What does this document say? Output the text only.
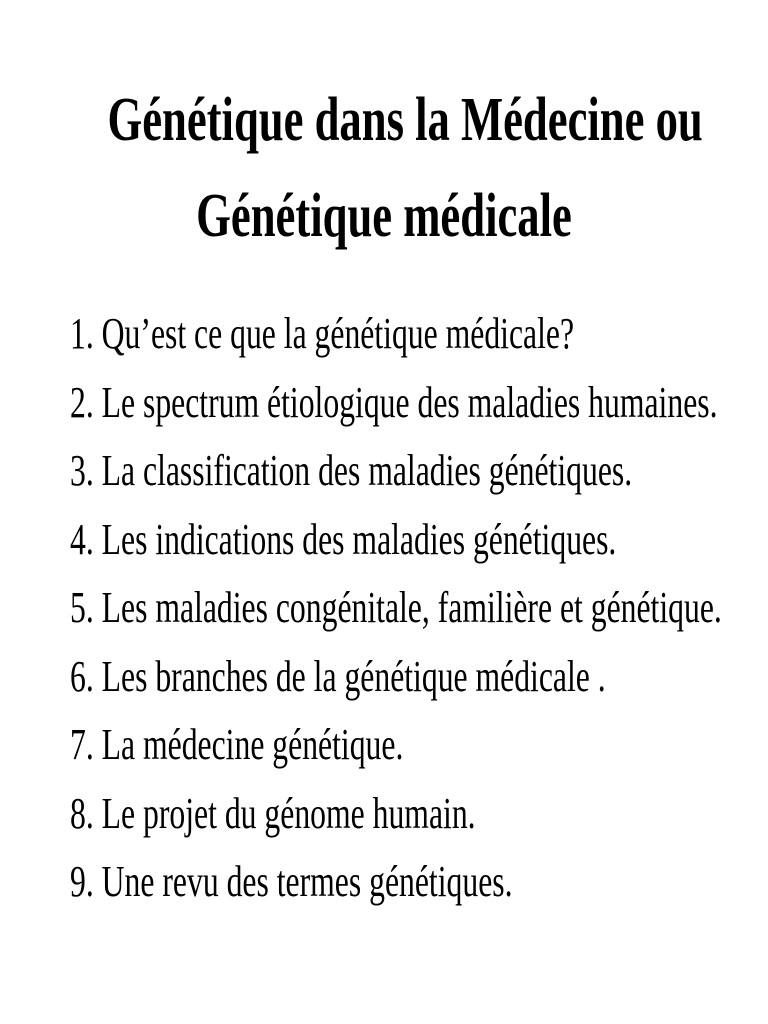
Génétique dans la Médecine ou
Génétique médicale
1. Qu’est ce que la génétique médicale?
2. Le spectrum étiologique des maladies humaines.
3. La classification des maladies génétiques.
4. Les indications des maladies génétiques.
5. Les maladies congénitale, familière et génétique.
6. Les branches de la génétique médicale .
7. La médecine génétique.
8. Le projet du génome humain.
9. Une revu des termes génétiques.
